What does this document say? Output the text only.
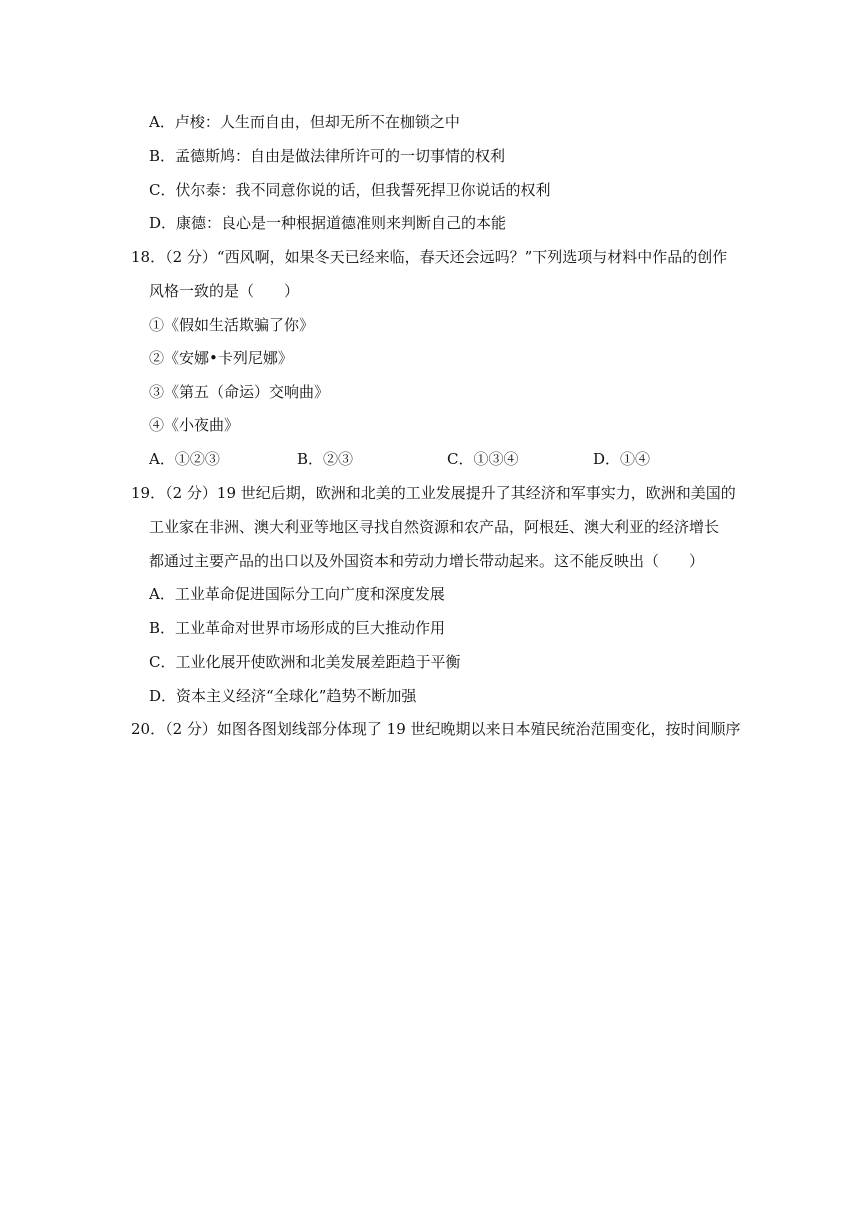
A．卢梭：人生而自由，但却无所不在枷锁之中
B．孟德斯鸠：自由是做法律所许可的一切事情的权利
C．伏尔泰：我不同意你说的话，但我誓死捍卫你说话的权利
D．康德：良心是一种根据道德准则来判断自己的本能
18．（2 分）“西风啊，如果冬天已经来临，春天还会远吗？”下列选项与材料中作品的创作
风格一致的是（　　）
①《假如生活欺骗了你》
②《安娜•卡列尼娜》
③《第五（命运）交响曲》
④《小夜曲》
A．①②③	B．②③	C．①③④	D．①④
19．（2 分）19 世纪后期，欧洲和北美的工业发展提升了其经济和军事实力，欧洲和美国的
工业家在非洲、澳大利亚等地区寻找自然资源和农产品，阿根廷、澳大利亚的经济增长
都通过主要产品的出口以及外国资本和劳动力增长带动起来。这不能反映出（　　）
A．工业革命促进国际分工向广度和深度发展
B．工业革命对世界市场形成的巨大推动作用
C．工业化展开使欧洲和北美发展差距趋于平衡
D．资本主义经济“全球化”趋势不断加强
20．（2 分）如图各图划线部分体现了 19 世纪晚期以来日本殖民统治范围变化，按时间顺序
